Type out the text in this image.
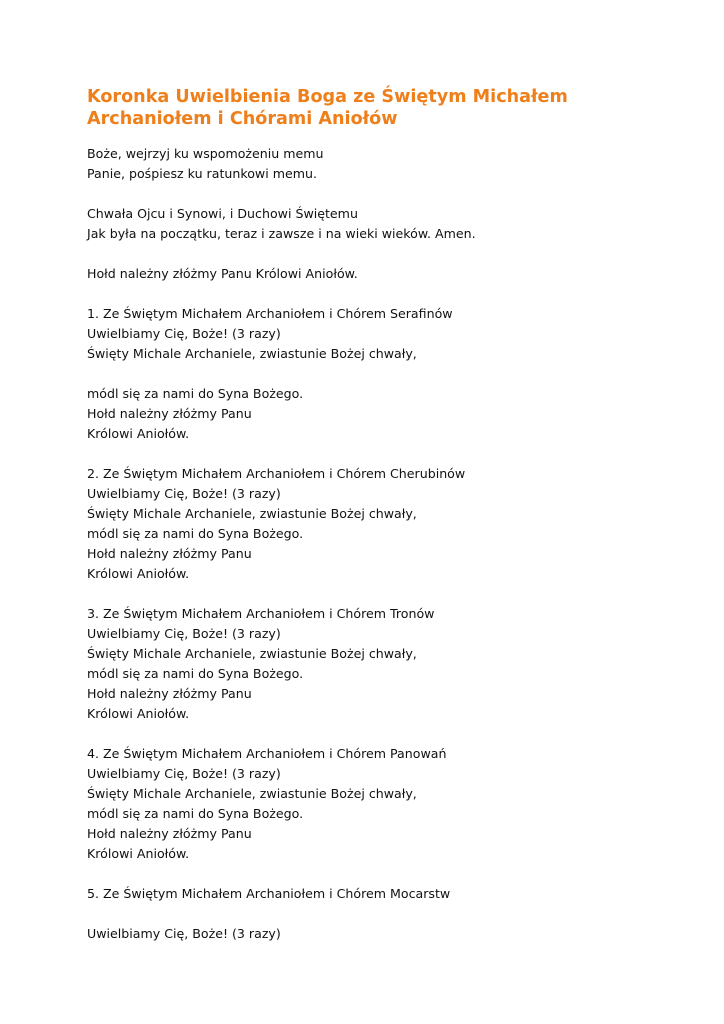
Koronka Uwielbienia Boga ze Świętym Michałem
Archaniołem i Chórami Aniołów

Boże, wejrzyj ku wspomożeniu memu
Panie, pośpiesz ku ratunkowi memu.

Chwała Ojcu i Synowi, i Duchowi Świętemu
Jak była na początku, teraz i zawsze i na wieki wieków. Amen.

Hołd należny złóżmy Panu Królowi Aniołów.

1. Ze Świętym Michałem Archaniołem i Chórem Serafinów
Uwielbiamy Cię, Boże! (3 razy)
Święty Michale Archaniele, zwiastunie Bożej chwały,

módl się za nami do Syna Bożego.
Hołd należny złóżmy Panu
Królowi Aniołów.

2. Ze Świętym Michałem Archaniołem i Chórem Cherubinów
Uwielbiamy Cię, Boże! (3 razy)
Święty Michale Archaniele, zwiastunie Bożej chwały,
módl się za nami do Syna Bożego.
Hołd należny złóżmy Panu
Królowi Aniołów.

3. Ze Świętym Michałem Archaniołem i Chórem Tronów
Uwielbiamy Cię, Boże! (3 razy)
Święty Michale Archaniele, zwiastunie Bożej chwały,
módl się za nami do Syna Bożego.
Hołd należny złóżmy Panu
Królowi Aniołów.

4. Ze Świętym Michałem Archaniołem i Chórem Panowań
Uwielbiamy Cię, Boże! (3 razy)
Święty Michale Archaniele, zwiastunie Bożej chwały,
módl się za nami do Syna Bożego.
Hołd należny złóżmy Panu
Królowi Aniołów.

5. Ze Świętym Michałem Archaniołem i Chórem Mocarstw

Uwielbiamy Cię, Boże! (3 razy)
